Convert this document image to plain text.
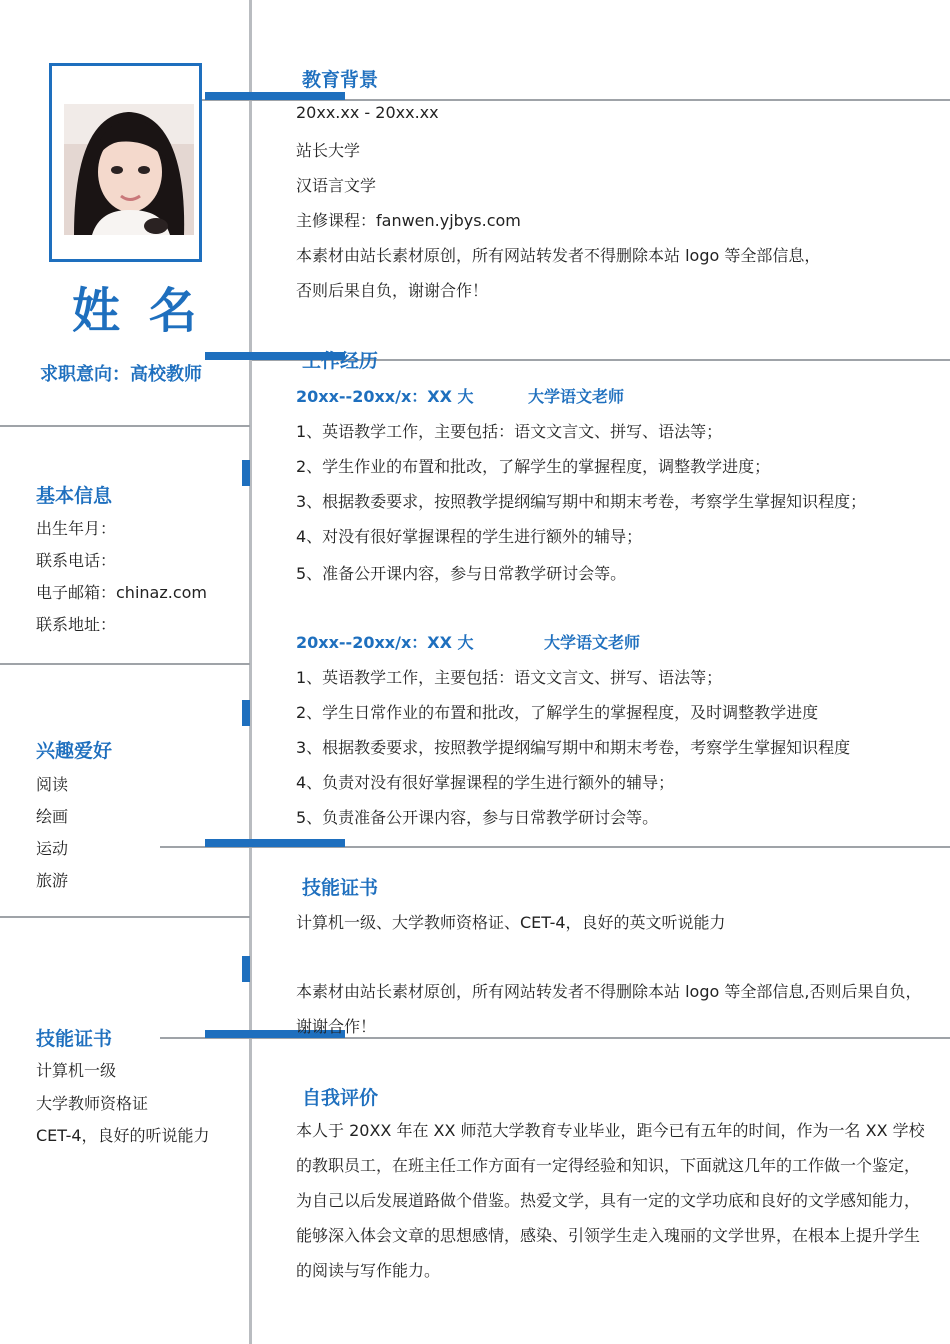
姓 名
求职意向：高校教师
基本信息
出生年月：
联系电话：
电子邮箱：chinaz.com
联系地址：
兴趣爱好
阅读
绘画
运动
旅游
技能证书
计算机一级
大学教师资格证
CET-4，良好的听说能力
教育背景
20xx.xx - 20xx.xx
站长大学
汉语言文学
主修课程：fanwen.yjbys.com
本素材由站长素材原创，所有网站转发者不得删除本站 logo 等全部信息，
否则后果自负，谢谢合作！
工作经历
20xx--20xx/x：XX 大	大学语文老师
1、英语教学工作，主要包括：语文文言文、拼写、语法等；
2、学生作业的布置和批改，了解学生的掌握程度，调整教学进度；
3、根据教委要求，按照教学提纲编写期中和期末考卷，考察学生掌握知识程度；
4、对没有很好掌握课程的学生进行额外的辅导；
5、准备公开课内容，参与日常教学研讨会等。
20xx--20xx/x：XX 大	大学语文老师
1、英语教学工作，主要包括：语文文言文、拼写、语法等；
2、学生日常作业的布置和批改，了解学生的掌握程度，及时调整教学进度
3、根据教委要求，按照教学提纲编写期中和期末考卷，考察学生掌握知识程度
4、负责对没有很好掌握课程的学生进行额外的辅导；
5、负责准备公开课内容，参与日常教学研讨会等。
技能证书
计算机一级、大学教师资格证、CET-4，良好的英文听说能力
本素材由站长素材原创，所有网站转发者不得删除本站 logo 等全部信息,否则后果自负，谢谢合作！
自我评价
本人于 20XX 年在 XX 师范大学教育专业毕业，距今已有五年的时间，作为一名 XX 学校的教职员工，在班主任工作方面有一定得经验和知识，下面就这几年的工作做一个鉴定，为自己以后发展道路做个借鉴。热爱文学，具有一定的文学功底和良好的文学感知能力，能够深入体会文章的思想感情，感染、引领学生走入瑰丽的文学世界，在根本上提升学生的阅读与写作能力。
